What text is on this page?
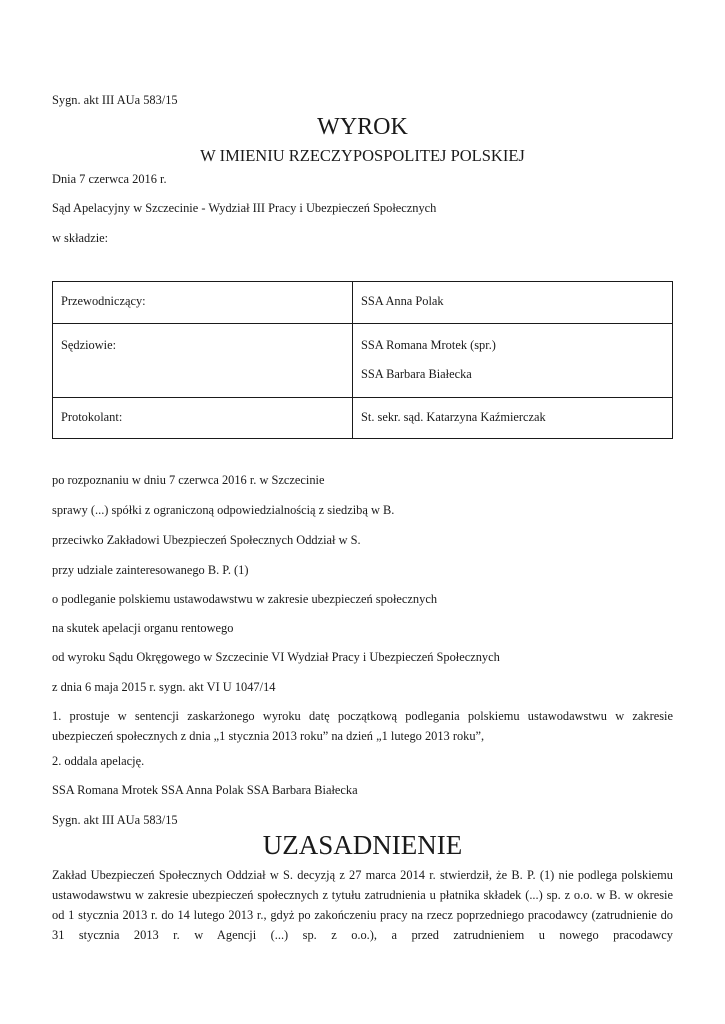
Sygn. akt III AUa 583/15
WYROK
W IMIENIU RZECZYPOSPOLITEJ POLSKIEJ
Dnia 7 czerwca 2016 r.
Sąd Apelacyjny w Szczecinie - Wydział III Pracy i Ubezpieczeń Społecznych
w składzie:
Przewodniczący:	SSA Anna Polak
Sędziowie:	SSA Romana Mrotek (spr.)
SSA Barbara Białecka

Protokolant:	St. sekr. sąd. Katarzyna Kaźmierczak
po rozpoznaniu w dniu 7 czerwca 2016 r. w Szczecinie
sprawy (...) spółki z ograniczoną odpowiedzialnością z siedzibą w B.
przeciwko Zakładowi Ubezpieczeń Społecznych Oddział w S.
przy udziale zainteresowanego B. P. (1)
o podleganie polskiemu ustawodawstwu w zakresie ubezpieczeń społecznych
na skutek apelacji organu rentowego
od wyroku Sądu Okręgowego w Szczecinie VI Wydział Pracy i Ubezpieczeń Społecznych
z dnia 6 maja 2015 r. sygn. akt VI U 1047/14
1. prostuje w sentencji zaskarżonego wyroku datę początkową podlegania polskiemu ustawodawstwu w zakresie ubezpieczeń społecznych z dnia „1 stycznia 2013 roku” na dzień „1 lutego 2013 roku”,
2. oddala apelację.
SSA Romana Mrotek SSA Anna Polak SSA Barbara Białecka
Sygn. akt III AUa 583/15
UZASADNIENIE
Zakład Ubezpieczeń Społecznych Oddział w S. decyzją z 27 marca 2014 r. stwierdził, że B. P. (1) nie podlega polskiemu ustawodawstwu w zakresie ubezpieczeń społecznych z tytułu zatrudnienia u płatnika składek (...) sp. z o.o. w B. w okresie od 1 stycznia 2013 r. do 14 lutego 2013 r., gdyż po zakończeniu pracy na rzecz poprzedniego pracodawcy (zatrudnienie do 31 stycznia 2013 r. w Agencji (...) sp. z o.o.), a przed zatrudnieniem u nowego pracodawcy
